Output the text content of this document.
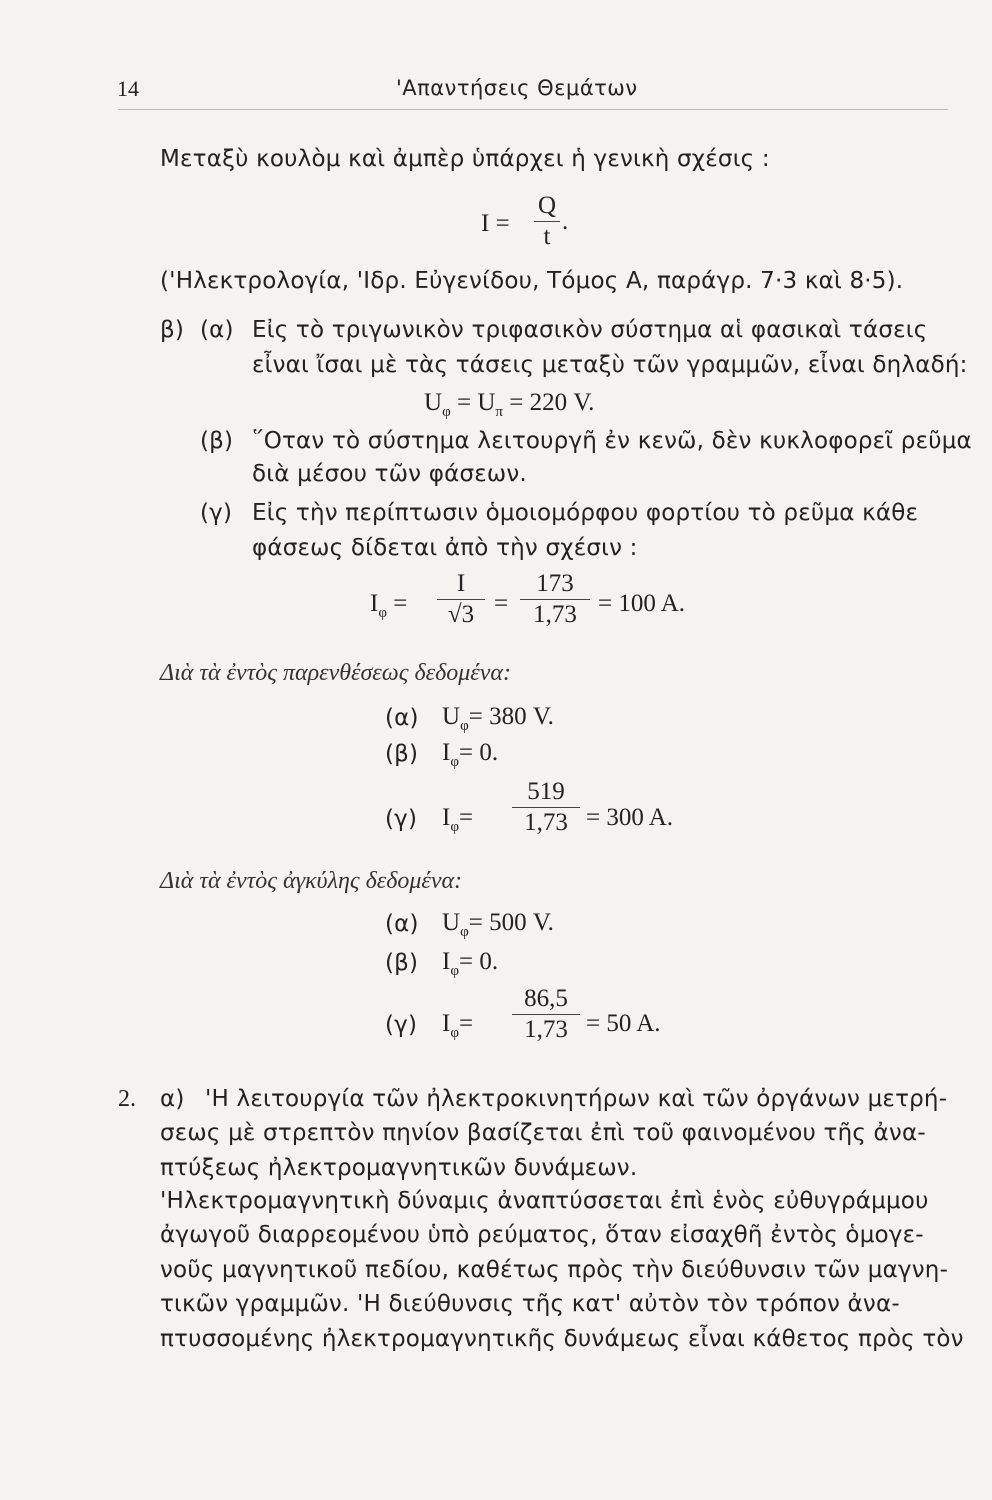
14	'Απαντήσεις Θεμάτων
Μεταξὺ κουλὸμ καὶ ἀμπὲρ ὑπάρχει ἡ γενικὴ σχέσις :
I =
Q
t
.
('Ηλεκτρολογία, 'Ιδρ. Εὐγενίδου, Τόμος Α, παράγρ. 7·3 καὶ 8·5).
β) (α) Εἰς τὸ τριγωνικὸν τριφασικὸν σύστημα αἱ φασικαὶ τάσεις
εἶναι ἴσαι μὲ τὰς τάσεις μεταξὺ τῶν γραμμῶν, εἶναι δηλαδή:
$U_\varphi = U_\pi = 220$ V.
(β) ῞Οταν τὸ σύστημα λειτουργῆ ἐν κενῶ, δὲν κυκλοφορεῖ ρεῦμα
διὰ μέσου τῶν φάσεων.
(γ) Εἰς τὴν περίπτωσιν ὁμοιομόρφου φορτίου τὸ ρεῦμα κάθε
φάσεως δίδεται ἀπὸ τὴν σχέσιν :
$I_\varphi$ =
I
√3 =
173
1,73 = 100 A.
Διὰ τὰ ἐντὸς παρενθέσεως δεδομένα:
(α) $U_\varphi= 380$ V.
(β) $I_\varphi= 0$.
(γ) $I_\varphi=$
519
1,73 = 300 A.
Διὰ τὰ ἐντὸς ἀγκύλης δεδομένα:
(α) $U_\varphi= 500$ V.
(β) $I_\varphi= 0$.
(γ) $I_\varphi=$
86,5
1,73 = 50 A.
2. α) 'Η λειτουργία τῶν ἠλεκτροκινητήρων καὶ τῶν ὀργάνων μετρή-
σεως μὲ στρεπτὸν πηνίον βασίζεται ἐπὶ τοῦ φαινομένου τῆς ἀνα-
πτύξεως ἠλεκτρομαγνητικῶν δυνάμεων.
'Ηλεκτρομαγνητικὴ δύναμις ἀναπτύσσεται ἐπὶ ἑνὸς εὐθυγράμμου
ἀγωγοῦ διαρρεομένου ὑπὸ ρεύματος, ὅταν εἰσαχθῆ ἐντὸς ὁμογε-
νοῦς μαγνητικοῦ πεδίου, καθέτως πρὸς τὴν διεύθυνσιν τῶν μαγνη-
τικῶν γραμμῶν. 'Η διεύθυνσις τῆς κατ' αὐτὸν τὸν τρόπον ἀνα-
πτυσσομένης ἠλεκτρομαγνητικῆς δυνάμεως εἶναι κάθετος πρὸς τὸν
